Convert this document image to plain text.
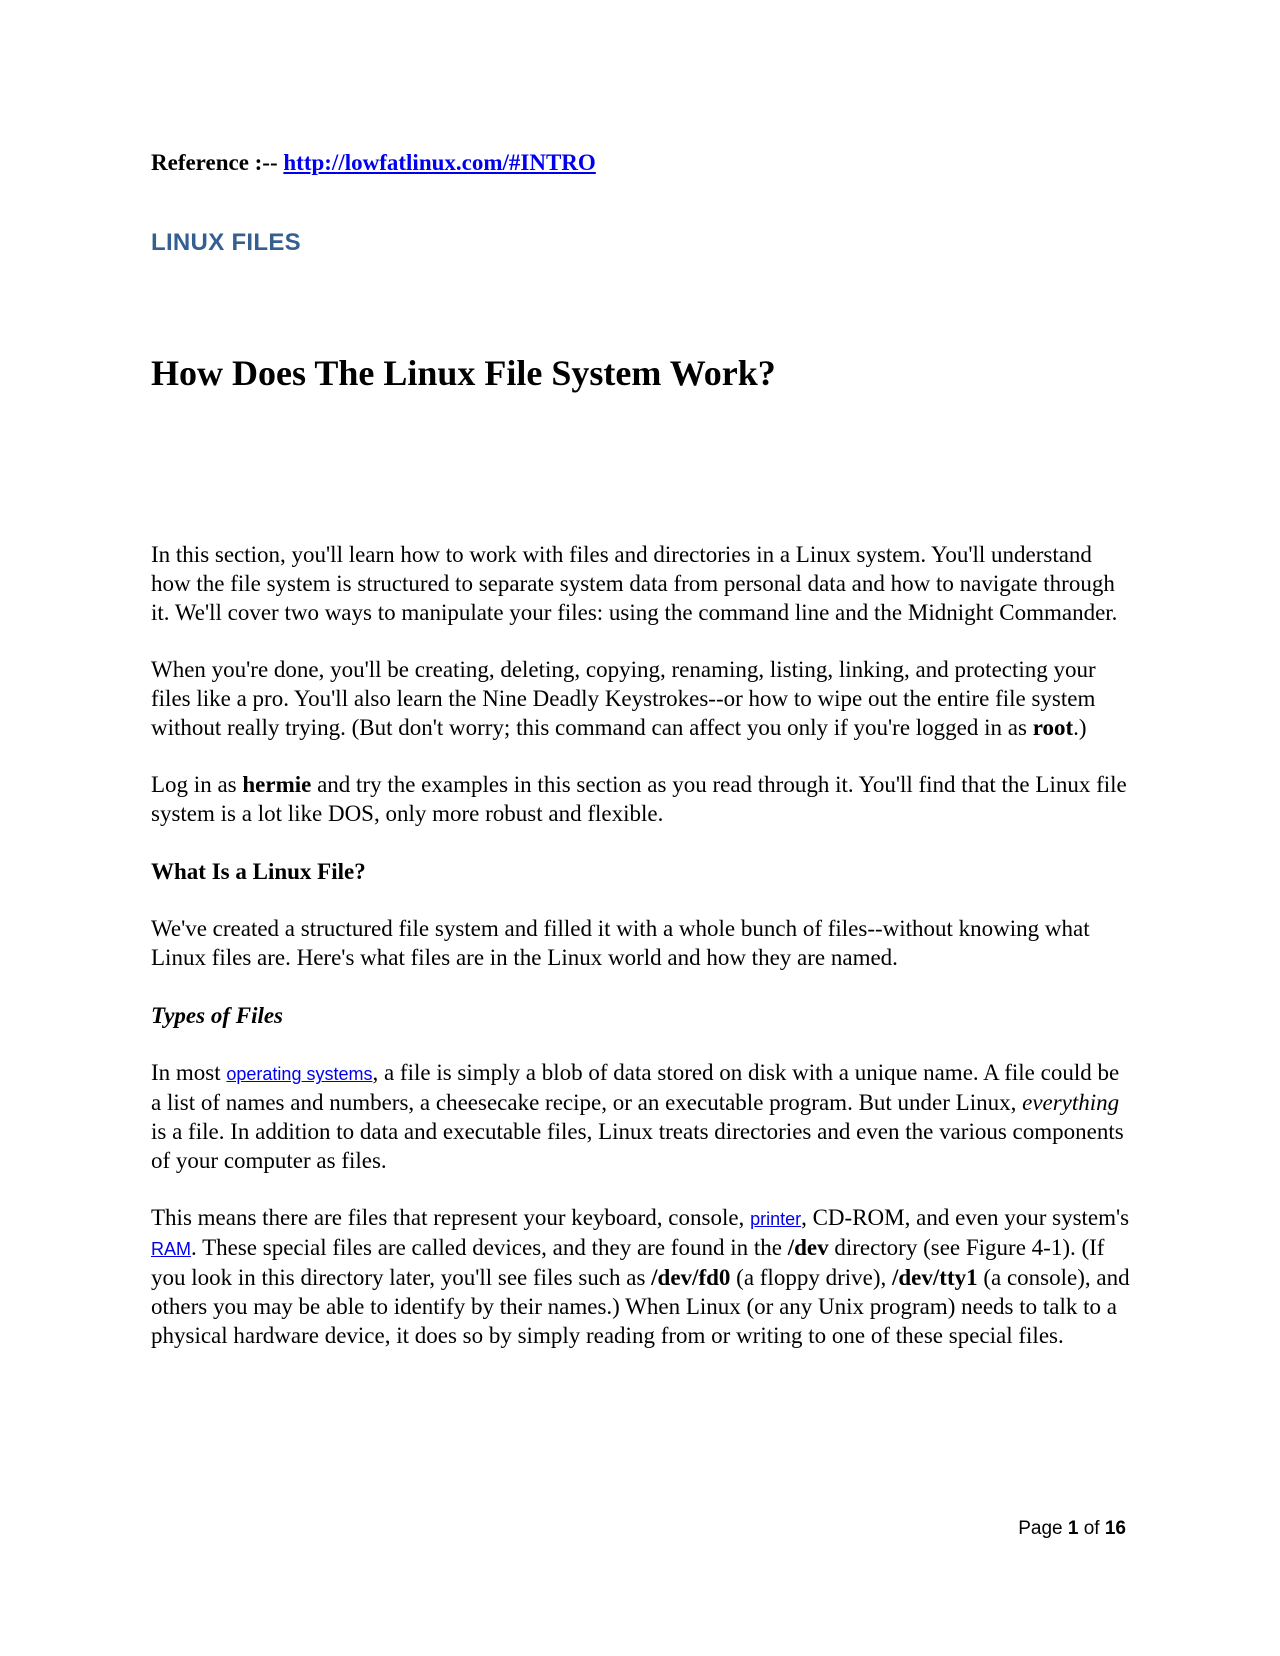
Reference :-- http://lowfatlinux.com/#INTRO
LINUX FILES
How Does The Linux File System Work?

In this section, you'll learn how to work with files and directories in a Linux system. You'll understand how the file system is structured to separate system data from personal data and how to navigate through it. We'll cover two ways to manipulate your files: using the command line and the Midnight Commander.

When you're done, you'll be creating, deleting, copying, renaming, listing, linking, and protecting your files like a pro. You'll also learn the Nine Deadly Keystrokes--or how to wipe out the entire file system without really trying. (But don't worry; this command can affect you only if you're logged in as root.)

Log in as hermie and try the examples in this section as you read through it. You'll find that the Linux file system is a lot like DOS, only more robust and flexible.

What Is a Linux File?

We've created a structured file system and filled it with a whole bunch of files--without knowing what Linux files are. Here's what files are in the Linux world and how they are named.

Types of Files

In most operating systems, a file is simply a blob of data stored on disk with a unique name. A file could be a list of names and numbers, a cheesecake recipe, or an executable program. But under Linux, everything is a file. In addition to data and executable files, Linux treats directories and even the various components of your computer as files.

This means there are files that represent your keyboard, console, printer, CD-ROM, and even your system's RAM. These special files are called devices, and they are found in the /dev directory (see Figure 4-1). (If you look in this directory later, you'll see files such as /dev/fd0 (a floppy drive), /dev/tty1 (a console), and others you may be able to identify by their names.) When Linux (or any Unix program) needs to talk to a physical hardware device, it does so by simply reading from or writing to one of these special files.

Page 1 of 16
